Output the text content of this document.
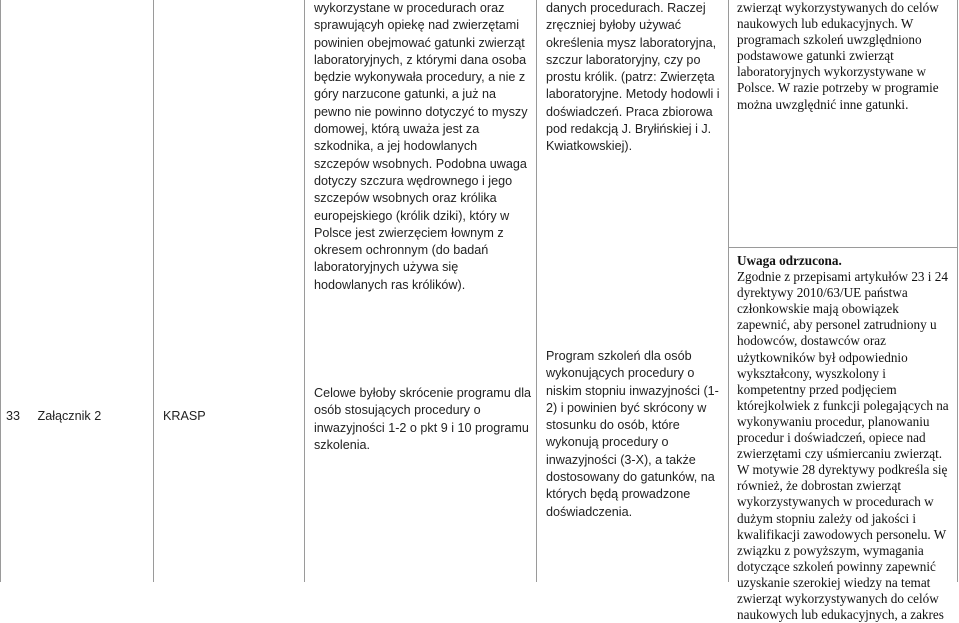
33 Załącznik 2	KRASP

wykorzystane w procedurach oraz sprawującyh opiekę nad zwierzętami powinien obejmować gatunki zwierząt laboratoryjnych, z którymi dana osoba będzie wykonywała procedury, a nie z góry narzucone gatunki, a już na pewno nie powinno dotyczyć to myszy domowej, którą uważa jest za szkodnika, a jej hodowlanych szczepów wsobnych. Podobna uwaga dotyczy szczura wędrownego i jego szczepów wsobnych oraz królika europejskiego (królik dziki), który w Polsce jest zwierzęciem łownym z okresem ochronnym (do badań laboratoryjnych używa się hodowlanych ras królików).

Celowe byłoby skrócenie programu dla osób stosujących procedury o inwazyjności 1-2 o pkt 9 i 10 programu szkolenia.

danych procedurach. Raczej zręczniej byłoby używać określenia mysz laboratoryjna, szczur laboratoryjny, czy po prostu królik. (patrz: Zwierzęta laboratoryjne. Metody hodowli i doświadczeń. Praca zbiorowa pod redakcją J. Bryłińskiej i J. Kwiatkowskiej).

Program szkoleń dla osób wykonujących procedury o niskim stopniu inwazyjności (1-2) i powinien być skrócony w stosunku do osób, które wykonują procedury o inwazyjności (3-X), a także dostosowany do gatunków, na których będą prowadzone doświadczenia.

zwierząt wykorzystywanych do celów naukowych lub edukacyjnych. W programach szkoleń uwzględniono podstawowe gatunki zwierząt laboratoryjnych wykorzystywane w Polsce. W razie potrzeby w programie można uwzględnić inne gatunki.

Uwaga odrzucona.

Zgodnie z przepisami artykułów 23 i 24 dyrektywy 2010/63/UE państwa członkowskie mają obowiązek zapewnić, aby personel zatrudniony u hodowców, dostawców oraz użytkowników był odpowiednio wykształcony, wyszkolony i kompetentny przed podjęciem którejkolwiek z funkcji polegających na wykonywaniu procedur, planowaniu procedur i doświadczeń, opiece nad zwierzętami czy uśmiercaniu zwierząt. W motywie 28 dyrektywy podkreśla się również, że dobrostan zwierząt wykorzystywanych w procedurach w dużym stopniu zależy od jakości i kwalifikacji zawodowych personelu. W związku z powyższym, wymagania dotyczące szkoleń powinny zapewnić uzyskanie szerokiej wiedzy na temat zwierząt wykorzystywanych do celów naukowych lub edukacyjnych, a zakres
